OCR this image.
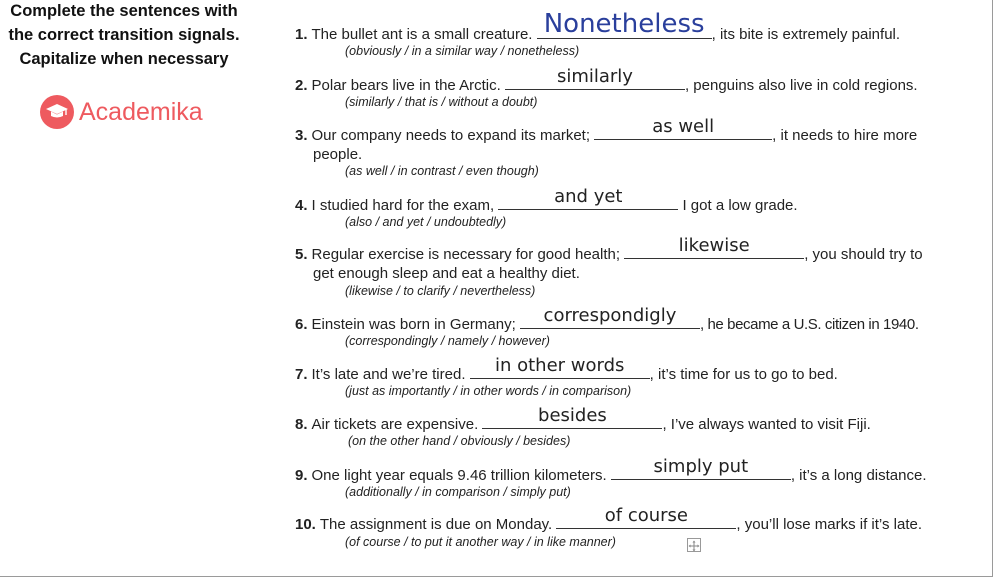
Complete the sentences with
the correct transition signals.
Capitalize when necessary
Academika
1. The bullet ant is a small creature. Nonetheless , its bite is extremely painful.
(obviously / in a similar way / nonetheless)
2. Polar bears live in the Arctic.	similarly	, penguins also live in cold regions.
(similarly / that is / without a doubt)
3. Our company needs to expand its market;	as well	, it needs to hire more
people.
(as well / in contrast / even though)
4. I studied hard for the exam,	and yet	I got a low grade.
(also / and yet / undoubtedly)
5. Regular exercise is necessary for good health;	likewise	, you should try to
get enough sleep and eat a healthy diet.
(likewise / to clarify / nevertheless)
6. Einstein was born in Germany;	correspondigly	, he became a U.S. citizen in 1940.
(correspondingly / namely / however)
7. It’s late and we’re tired.	in other words	, it’s time for us to go to bed.
(just as importantly / in other words / in comparison)
8. Air tickets are expensive.	besides	, I’ve always wanted to visit Fiji.
(on the other hand / obviously / besides)
9. One light year equals 9.46 trillion kilometers.	simply put	, it’s a long distance.
(additionally / in comparison / simply put)
10. The assignment is due on Monday.	of course	, you’ll lose marks if it’s late.
(of course / to put it another way / in like manner)
